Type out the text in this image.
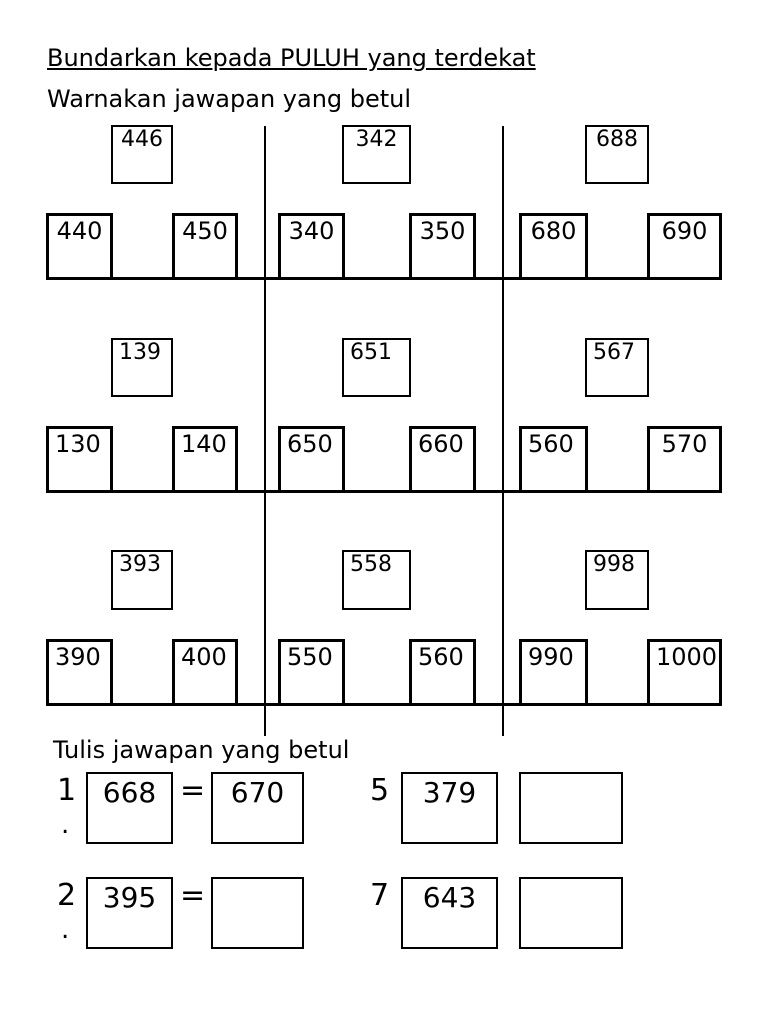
Bundarkan kepada PULUH yang terdekat
Warnakan jawapan yang betul
446	342	688
440	450	340	350	680	690
139	651	567
130	140	650	660	560	570
393	558	998
390	400	550	560	990	1000
Tulis jawapan yang betul
1
.
668 = 670	5	379
2
.
395 =	7	643
